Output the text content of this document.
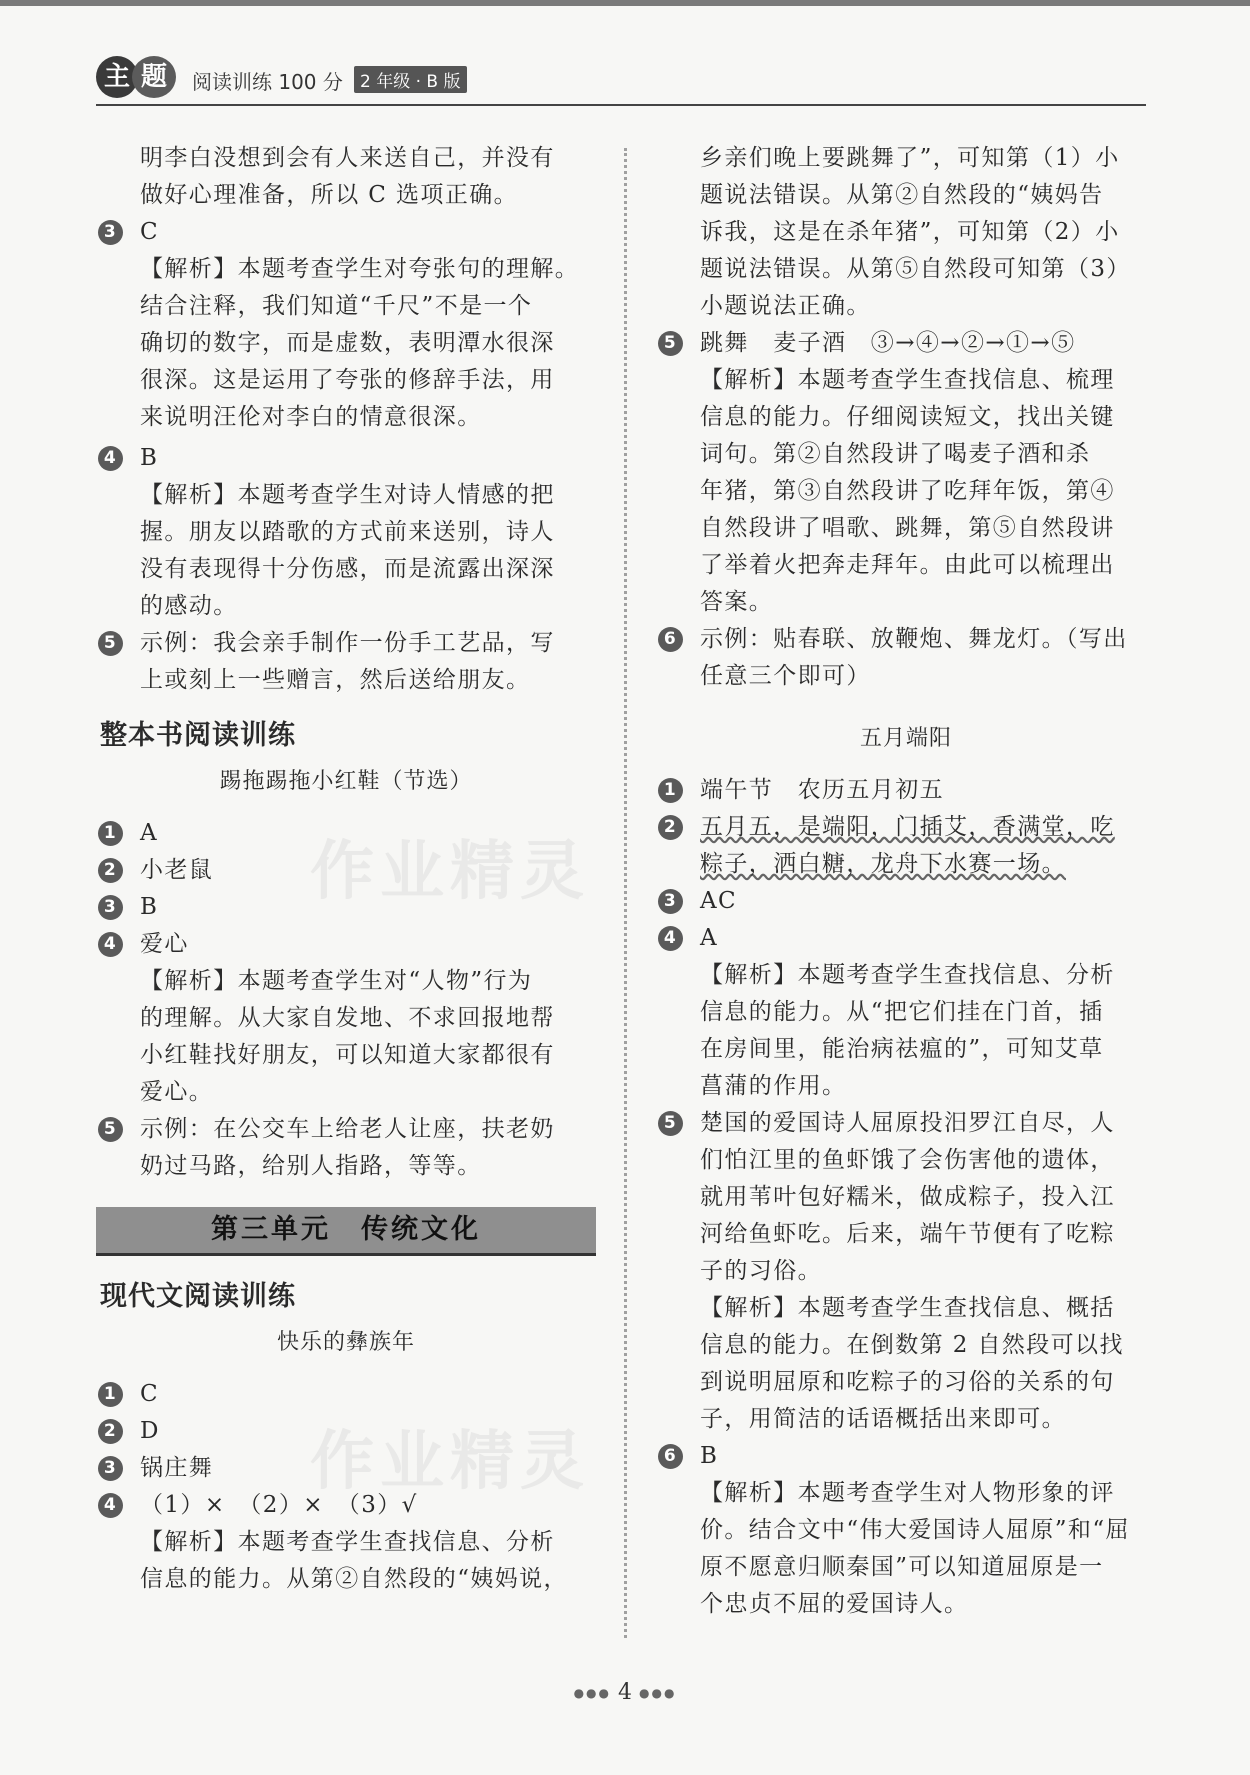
主 题	阅读训练 100 分	2 年级 · B 版
作业精灵
作业精灵

明李白没想到会有人来送自己，并没有

做好心理准备，所以 C 选项正确。

3 C

【解析】本题考查学生对夸张句的理解。

结合注释，我们知道“千尺”不是一个

确切的数字，而是虚数，表明潭水很深

很深。这是运用了夸张的修辞手法，用

来说明汪伦对李白的情意很深。

4 B

【解析】本题考查学生对诗人情感的把

握。朋友以踏歌的方式前来送别，诗人

没有表现得十分伤感，而是流露出深深

的感动。

5 示例：我会亲手制作一份手工艺品，写

上或刻上一些赠言，然后送给朋友。

整本书阅读训练
踢拖踢拖小红鞋（节选）

1 A

2 小老鼠

3 B

4 爱心

【解析】本题考查学生对“人物”行为

的理解。从大家自发地、不求回报地帮

小红鞋找好朋友，可以知道大家都很有

爱心。

5 示例：在公交车上给老人让座，扶老奶

奶过马路，给别人指路，等等。

第三单元　传统文化
现代文阅读训练
快乐的彝族年

1 C

2 D

3 锅庄舞

4 （1）×　（2）×　（3）√

【解析】本题考查学生查找信息、分析

信息的能力。从第②自然段的“姨妈说，

乡亲们晚上要跳舞了”，可知第（1）小

题说法错误。从第②自然段的“姨妈告

诉我，这是在杀年猪”，可知第（2）小

题说法错误。从第⑤自然段可知第（3）

小题说法正确。

5 跳舞　麦子酒　③→④→②→①→⑤

【解析】本题考查学生查找信息、梳理

信息的能力。仔细阅读短文，找出关键

词句。第②自然段讲了喝麦子酒和杀

年猪，第③自然段讲了吃拜年饭，第④

自然段讲了唱歌、跳舞，第⑤自然段讲

了举着火把奔走拜年。由此可以梳理出

答案。

6 示例：贴春联、放鞭炮、舞龙灯。（写出

任意三个即可）

五月端阳

1 端午节　农历五月初五

2 五月五，是端阳，门插艾，香满堂，吃

粽子，洒白糖，龙舟下水赛一场。

3 AC

4 A

【解析】本题考查学生查找信息、分析

信息的能力。从“把它们挂在门首，插

在房间里，能治病祛瘟的”，可知艾草

菖蒲的作用。

5 楚国的爱国诗人屈原投汨罗江自尽，人

们怕江里的鱼虾饿了会伤害他的遗体，

就用苇叶包好糯米，做成粽子，投入江

河给鱼虾吃。后来，端午节便有了吃粽

子的习俗。

【解析】本题考查学生查找信息、概括

信息的能力。在倒数第 2 自然段可以找

到说明屈原和吃粽子的习俗的关系的句

子，用简洁的话语概括出来即可。

6 B

【解析】本题考查学生对人物形象的评

价。结合文中“伟大爱国诗人屈原”和“屈

原不愿意归顺秦国”可以知道屈原是一

个忠贞不屈的爱国诗人。

●●● 4 ●●●
